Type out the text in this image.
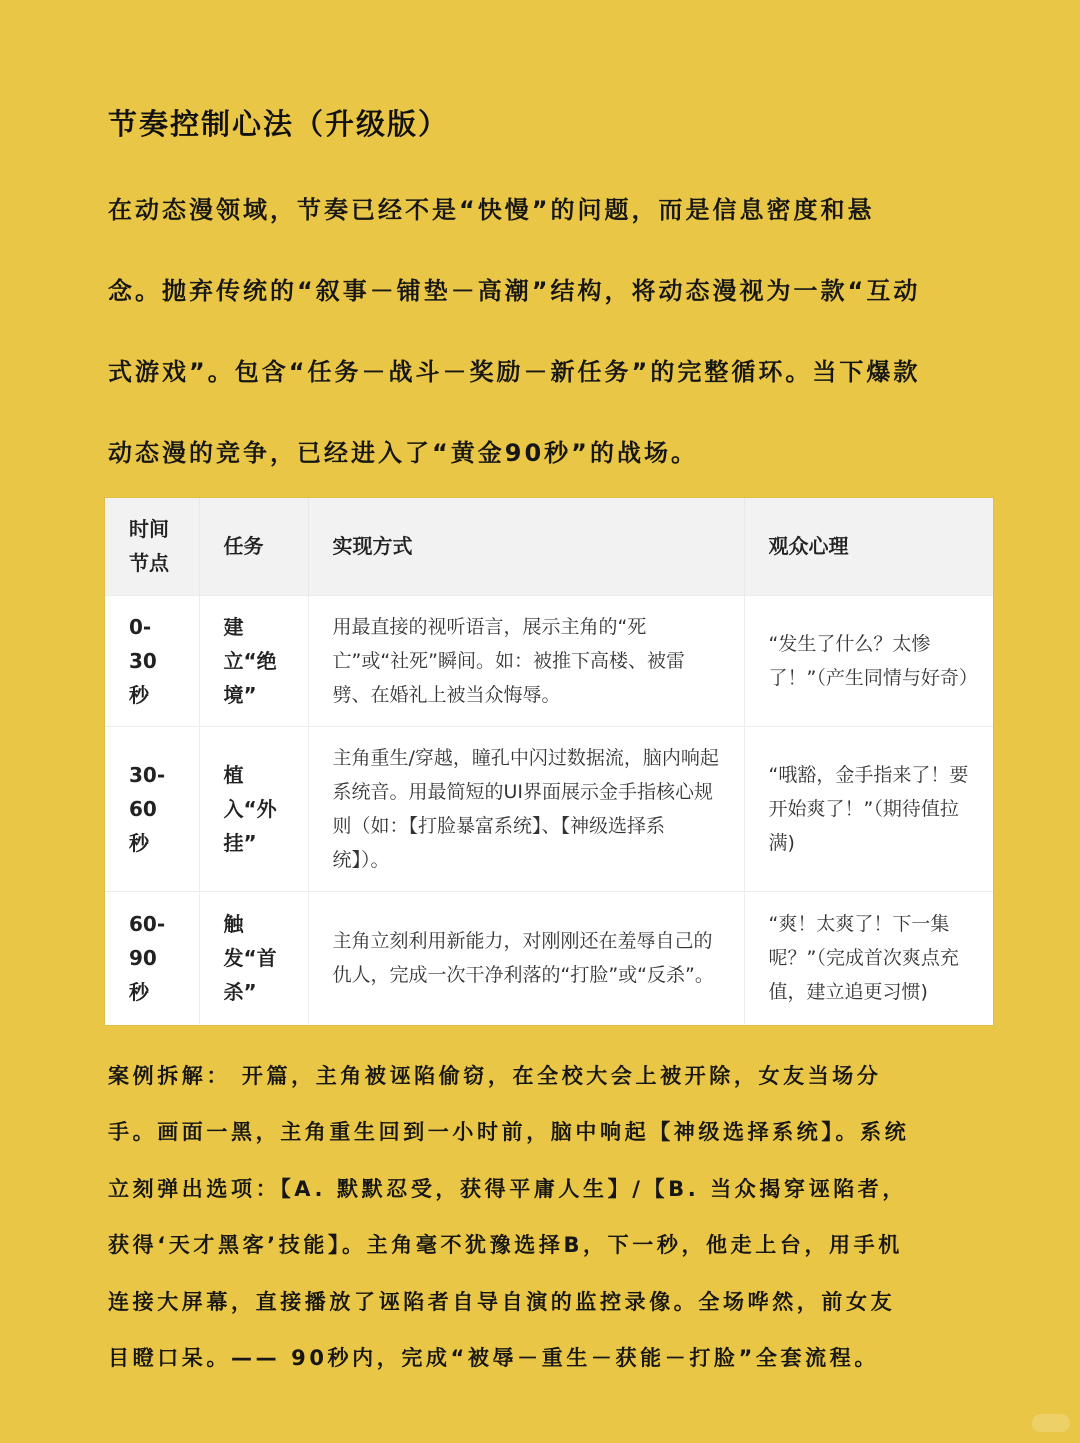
节奏控制心法（升级版）

在动态漫领域，节奏已经不是“快慢”的问题，而是信息密度和悬

念。抛弃传统的“叙事－铺垫－高潮”结构，将动态漫视为一款“互动

式游戏”。包含“任务－战斗－奖励－新任务”的完整循环。当下爆款

动态漫的竞争，已经进入了“黄金90秒”的战场。

时间节点	任务	实现方式	观众心理
0-30秒	建立“绝境”	用最直接的视听语言，展示主角的“死亡”或“社死”瞬间。如：被推下高楼、被雷劈、在婚礼上被当众悔辱。	“发生了什么？太惨了！”（产生同情与好奇）
30-60秒	植入“外挂”	主角重生/穿越，瞳孔中闪过数据流，脑内响起系统音。用最简短的UI界面展示金手指核心规则（如：【打脸暴富系统】、【神级选择系统】）。	“哦豁，金手指来了！要开始爽了！”（期待值拉满)
60-90秒	触发“首杀”	主角立刻利用新能力，对刚刚还在羞辱自己的仇人，完成一次干净利落的“打脸”或“反杀”。	“爽！太爽了！下一集呢？”（完成首次爽点充值，建立追更习惯)

案例拆解： 开篇，主角被诬陷偷窃，在全校大会上被开除，女友当场分

手。画面一黑，主角重生回到一小时前，脑中响起【神级选择系统】。系统

立刻弹出选项：【A. 默默忍受，获得平庸人生】/【B. 当众揭穿诬陷者，

获得‘天才黑客’技能】。主角毫不犹豫选择B，下一秒，他走上台，用手机

连接大屏幕，直接播放了诬陷者自导自演的监控录像。全场哗然，前女友

目瞪口呆。—— 90秒内，完成“被辱－重生－获能－打脸”全套流程。
